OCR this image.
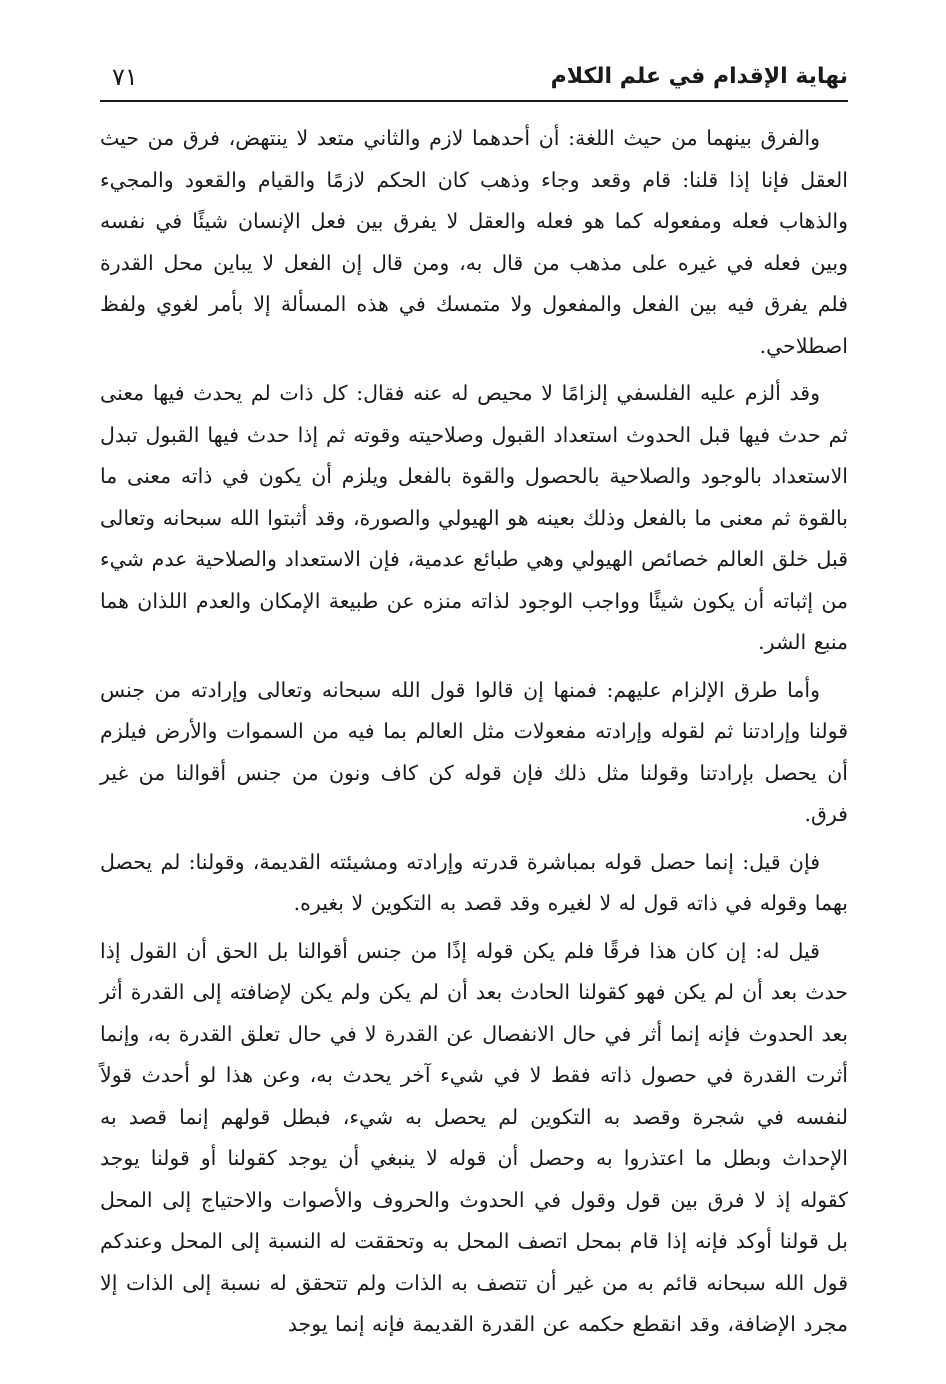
نهاية الإقدام في علم الكلام
٧١

والفرق بينهما من حيث اللغة: أن أحدهما لازم والثاني متعد لا ينتهض، فرق من حيث العقل فإنا إذا قلنا: قام وقعد وجاء وذهب كان الحكم لازمًا والقيام والقعود والمجيء والذهاب فعله ومفعوله كما هو فعله والعقل لا يفرق بين فعل الإنسان شيئًا في نفسه وبين فعله في غيره على مذهب من قال به، ومن قال إن الفعل لا يباين محل القدرة فلم يفرق فيه بين الفعل والمفعول ولا متمسك في هذه المسألة إلا بأمر لغوي ولفظ اصطلاحي.

وقد ألزم عليه الفلسفي إلزامًا لا محيص له عنه فقال: كل ذات لم يحدث فيها معنى ثم حدث فيها قبل الحدوث استعداد القبول وصلاحيته وقوته ثم إذا حدث فيها القبول تبدل الاستعداد بالوجود والصلاحية بالحصول والقوة بالفعل ويلزم أن يكون في ذاته معنى ما بالقوة ثم معنى ما بالفعل وذلك بعينه هو الهيولي والصورة، وقد أثبتوا الله سبحانه وتعالى قبل خلق العالم خصائص الهيولي وهي طبائع عدمية، فإن الاستعداد والصلاحية عدم شيء من إثباته أن يكون شيئًا وواجب الوجود لذاته منزه عن طبيعة الإمكان والعدم اللذان هما منبع الشر.

وأما طرق الإلزام عليهم: فمنها إن قالوا قول الله سبحانه وتعالى وإرادته من جنس قولنا وإرادتنا ثم لقوله وإرادته مفعولات مثل العالم بما فيه من السموات والأرض فيلزم أن يحصل بإرادتنا وقولنا مثل ذلك فإن قوله كن كاف ونون من جنس أقوالنا من غير فرق.

فإن قيل: إنما حصل قوله بمباشرة قدرته وإرادته ومشيئته القديمة، وقولنا: لم يحصل بهما وقوله في ذاته قول له لا لغيره وقد قصد به التكوين لا بغيره.

قيل له: إن كان هذا فرقًا فلم يكن قوله إذًا من جنس أقوالنا بل الحق أن القول إذا حدث بعد أن لم يكن فهو كقولنا الحادث بعد أن لم يكن ولم يكن لإضافته إلى القدرة أثر بعد الحدوث فإنه إنما أثر في حال الانفصال عن القدرة لا في حال تعلق القدرة به، وإنما أثرت القدرة في حصول ذاته فقط لا في شيء آخر يحدث به، وعن هذا لو أحدث قولاً لنفسه في شجرة وقصد به التكوين لم يحصل به شيء، فبطل قولهم إنما قصد به الإحداث وبطل ما اعتذروا به وحصل أن قوله لا ينبغي أن يوجد كقولنا أو قولنا يوجد كقوله إذ لا فرق بين قول وقول في الحدوث والحروف والأصوات والاحتياج إلى المحل بل قولنا أوكد فإنه إذا قام بمحل اتصف المحل به وتحققت له النسبة إلى المحل وعندكم قول الله سبحانه قائم به من غير أن تتصف به الذات ولم تتحقق له نسبة إلى الذات إلا مجرد الإضافة، وقد انقطع حكمه عن القدرة القديمة فإنه إنما يوجد
